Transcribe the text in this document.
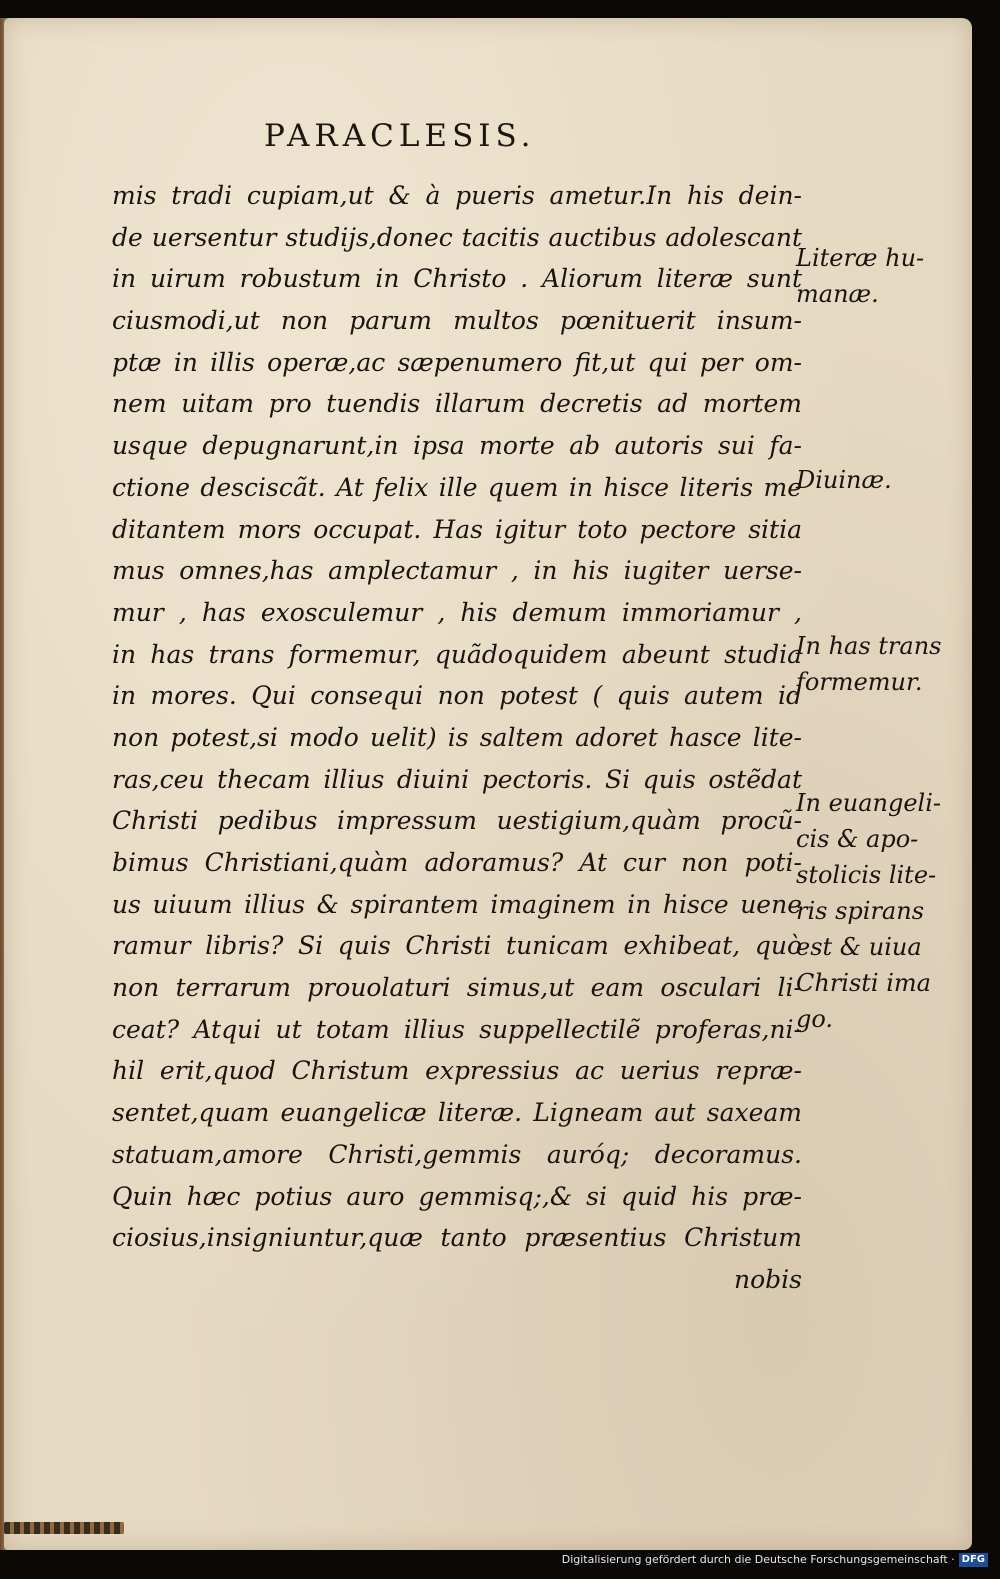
PARACLESIS.
mis tradi cupiam,ut & à pueris ametur.In his dein-
de uersentur studijs,donec tacitis auctibus adolescant
in uirum robustum in Christo . Aliorum literæ sunt
ciusmodi,ut non parum multos pœnituerit insum-
ptæ in illis operæ,ac sæpenumero fit,ut qui per om-
nem uitam pro tuendis illarum decretis ad mortem
usque depugnarunt,in ipsa morte ab autoris sui fa-
ctione desciscãt. At felix ille quem in hisce literis me
ditantem mors occupat. Has igitur toto pectore sitia
mus omnes,has amplectamur , in his iugiter uerse-
mur , has exosculemur , his demum immoriamur ,
in has trans formemur, quãdoquidem abeunt studia
in mores. Qui consequi non potest ( quis autem id
non potest,si modo uelit) is saltem adoret hasce lite-
ras,ceu thecam illius diuini pectoris. Si quis ostẽdat
Christi pedibus impressum uestigium,quàm procũ-
bimus Christiani,quàm adoramus? At cur non poti-
us uiuum illius & spirantem imaginem in hisce uene
ramur libris? Si quis Christi tunicam exhibeat, quò
non terrarum prouolaturi simus,ut eam osculari li-
ceat? Atqui ut totam illius suppellectilẽ proferas,ni-
hil erit,quod Christum expressius ac uerius repræ-
sentet,quam euangelicæ literæ. Ligneam aut saxeam
statuam,amore Christi,gemmis auróq; decoramus.
Quin hæc potius auro gemmisq;,& si quid his præ-
ciosius,insigniuntur,quæ tanto præsentius Christum
nobis
Literæ hu-
manæ.
Diuinæ.
In has trans
formemur.
In euangeli-
cis & apo-
stolicis lite-
ris spirans
est & uiua
Christi ima
go.
Digitalisierung gefördert durch die Deutsche Forschungsgemeinschaft · DFG
